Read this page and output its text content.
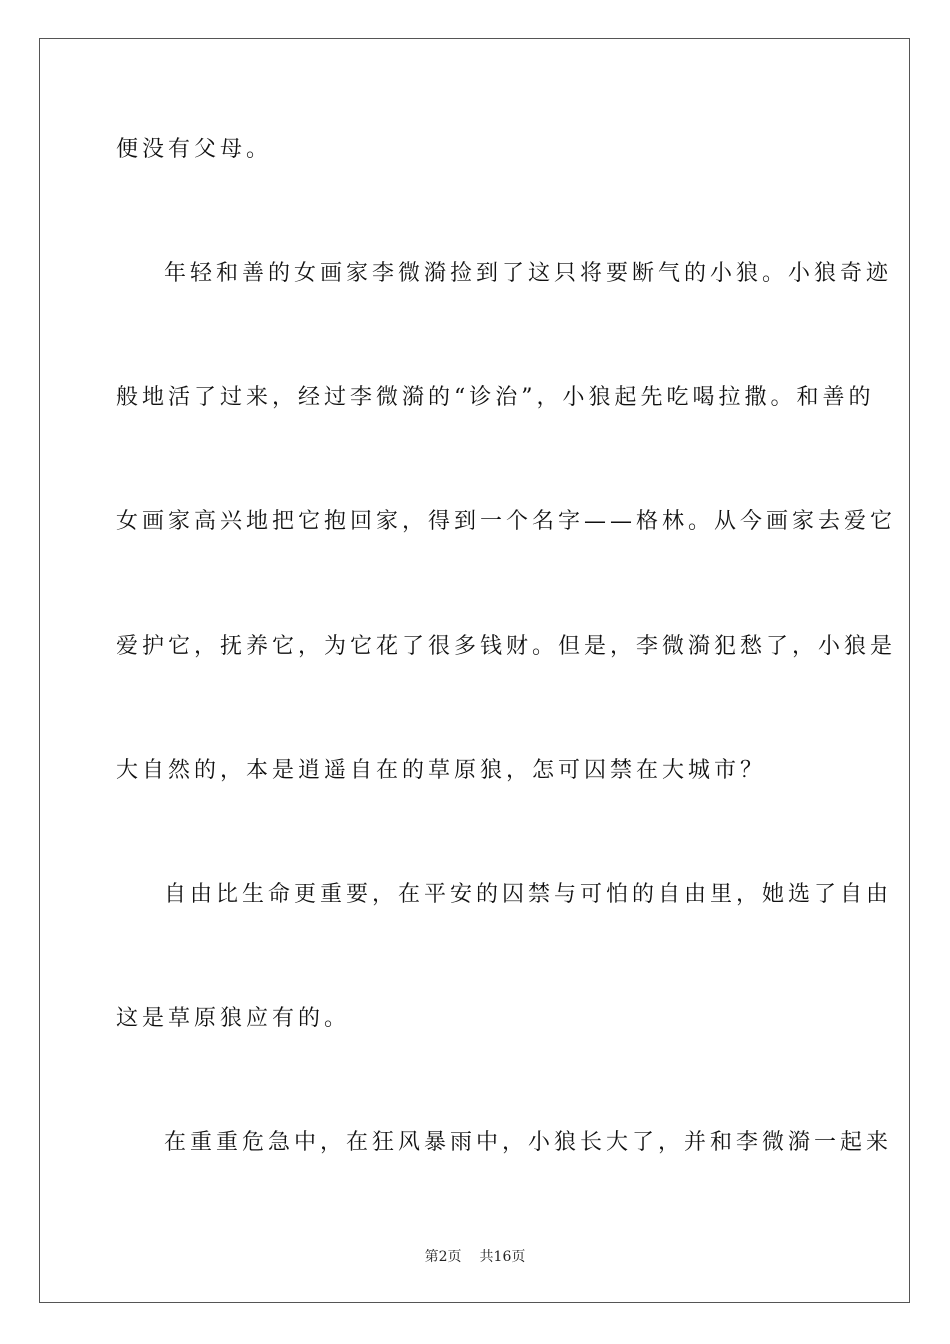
便没有父母。

年轻和善的女画家李微漪捡到了这只将要断气的小狼。小狼奇迹

般地活了过来，经过李微漪的“诊治”，小狼起先吃喝拉撒。和善的

女画家高兴地把它抱回家，得到一个名字——格林。从今画家去爱它

爱护它，抚养它，为它花了很多钱财。但是，李微漪犯愁了，小狼是

大自然的，本是逍遥自在的草原狼，怎可囚禁在大城市？

自由比生命更重要，在平安的囚禁与可怕的自由里，她选了自由

这是草原狼应有的。

在重重危急中，在狂风暴雨中，小狼长大了，并和李微漪一起来

第2页 共16页
